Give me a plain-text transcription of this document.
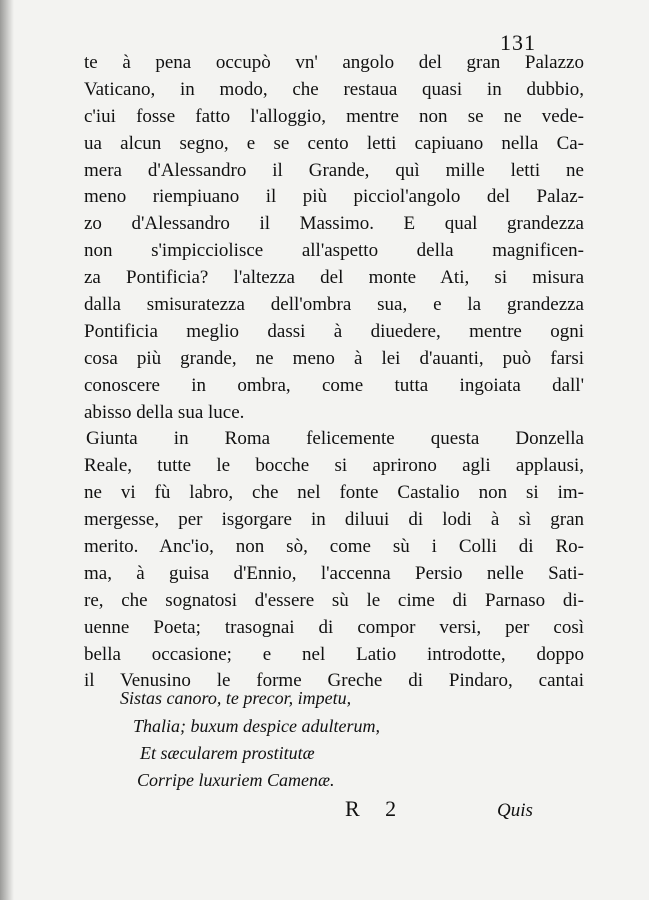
131
te à pena occupò vn' angolo del gran Palazzo
Vaticano, in modo, che restaua quasi in dubbio,
c'iui fosse fatto l'alloggio, mentre non se ne vede-
ua alcun segno, e se cento letti capiuano nella Ca-
mera d'Alessandro il Grande, quì mille letti ne
meno riempiuano il più picciol'angolo del Palaz-
zo d'Alessandro il Massimo. E qual grandezza
non s'impicciolisce all'aspetto della magnificen-
za Pontificia? l'altezza del monte Ati, si misura
dalla smisuratezza dell'ombra sua, e la grandezza
Pontificia meglio dassi à diuedere, mentre ogni
cosa più grande, ne meno à lei d'auanti, può farsi
conoscere in ombra, come tutta ingoiata dall'
abisso della sua luce.
Giunta in Roma felicemente questa Donzella
Reale, tutte le bocche si aprirono agli applausi,
ne vi fù labro, che nel fonte Castalio non si im-
mergesse, per isgorgare in diluui di lodi à sì gran
merito. Anc'io, non sò, come sù i Colli di Ro-
ma, à guisa d'Ennio, l'accenna Persio nelle Sati-
re, che sognatosi d'essere sù le cime di Parnaso di-
uenne Poeta; trasognai di compor versi, per così
bella occasione; e nel Latio introdotte, doppo
il Venusino le forme Greche di Pindaro, cantai
Sistas canoro, te precor, impetu,
Thalia; buxum despice adulterum,
Et sæcularem prostitutæ
Corripe luxuriem Camenæ.
R 2	Quis
